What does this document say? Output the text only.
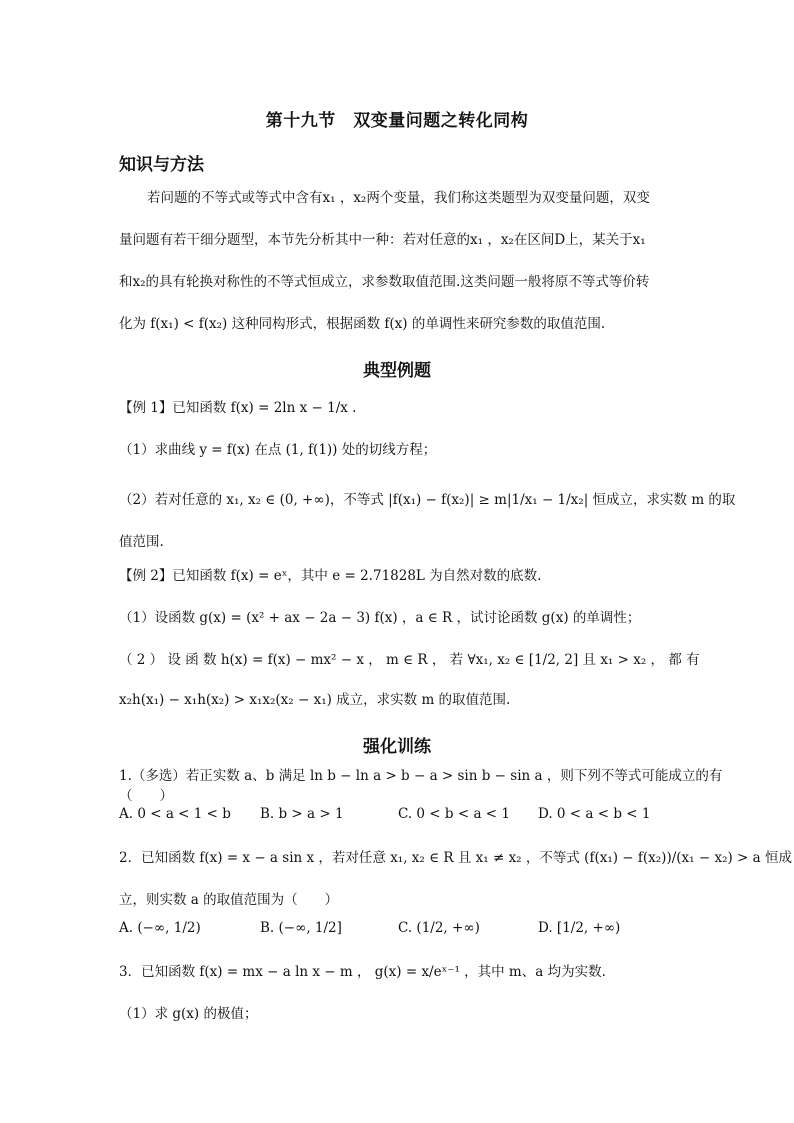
第十九节　双变量问题之转化同构
知识与方法
若问题的不等式或等式中含有x₁ ，x₂两个变量，我们称这类题型为双变量问题，双变
量问题有若干细分题型，本节先分析其中一种：若对任意的x₁ ，x₂在区间D上，某关于x₁
和x₂的具有轮换对称性的不等式恒成立，求参数取值范围.这类问题一般将原不等式等价转
化为 f(x₁) < f(x₂) 这种同构形式，根据函数 f(x) 的单调性来研究参数的取值范围.
典型例题
【例 1】已知函数 f(x) = 2ln x − 1/x .
（1）求曲线 y = f(x) 在点 (1, f(1)) 处的切线方程；
（2）若对任意的 x₁, x₂ ∈ (0, +∞)，不等式 |f(x₁) − f(x₂)| ≥ m|1/x₁ − 1/x₂| 恒成立，求实数 m 的取
值范围.
【例 2】已知函数 f(x) = eˣ，其中 e = 2.71828L 为自然对数的底数.
（1）设函数 g(x) = (x² + ax − 2a − 3) f(x) ，a ∈ R ，试讨论函数 g(x) 的单调性；
（ 2 ） 设 函 数 h(x) = f(x) − mx² − x ， m ∈ R ， 若 ∀x₁, x₂ ∈ [1/2, 2] 且 x₁ > x₂ ， 都 有
x₂h(x₁) − x₁h(x₂) > x₁x₂(x₂ − x₁) 成立，求实数 m 的取值范围.
强化训练
1.（多选）若正实数 a、b 满足 ln b − ln a > b − a > sin b − sin a ，则下列不等式可能成立的有
（　　）
A. 0 < a < 1 < b B. b > a > 1	C. 0 < b < a < 1 D. 0 < a < b < 1
2．已知函数 f(x) = x − a sin x ，若对任意 x₁, x₂ ∈ R 且 x₁ ≠ x₂ ，不等式 (f(x₁) − f(x₂))/(x₁ − x₂) > a 恒成
立，则实数 a 的取值范围为（　　）
A. (−∞, 1/2)	B. (−∞, 1/2]	C. (1/2, +∞)	D. [1/2, +∞)
3．已知函数 f(x) = mx − a ln x − m ， g(x) = x/eˣ⁻¹ ，其中 m、a 均为实数.
（1）求 g(x) 的极值；
